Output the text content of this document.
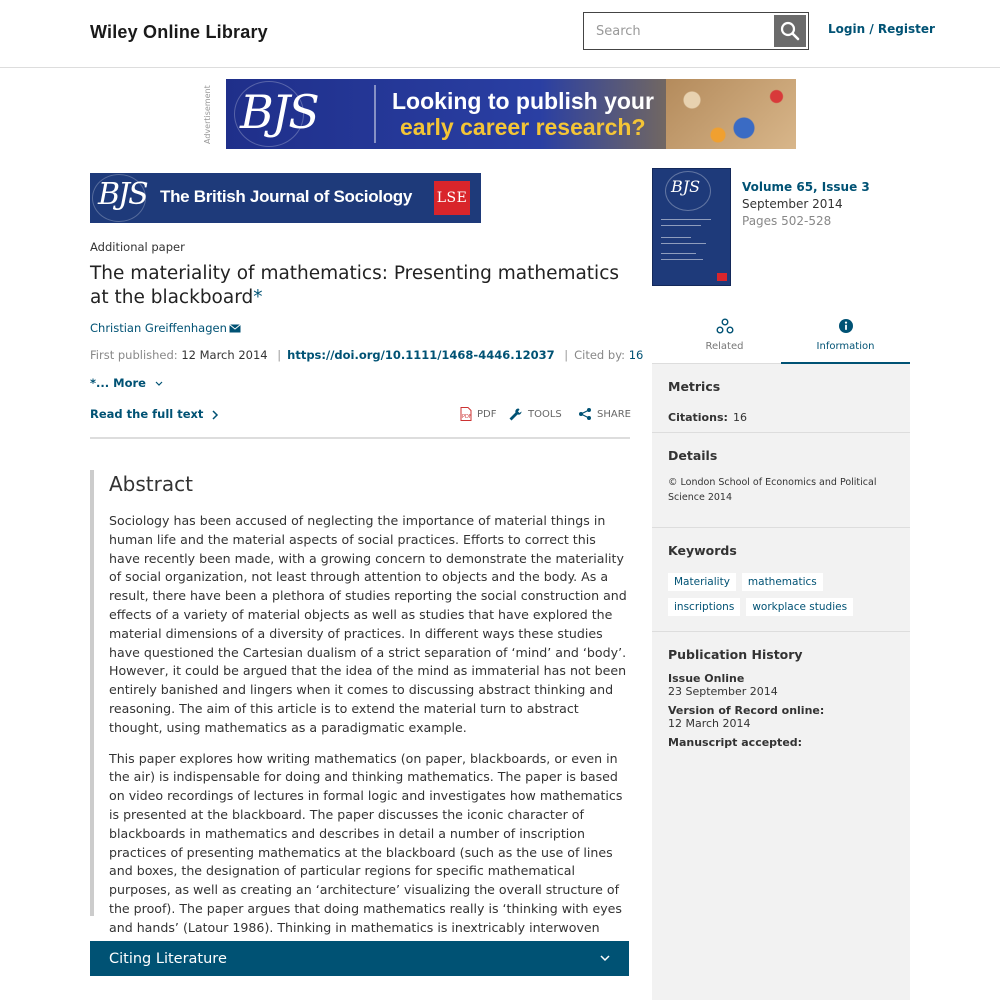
Wiley Online Library
Search	Login / Register
Advertisement BJS	Looking to publish your
early career research?
BJS The British Journal of Sociology LSE
Additional paper
The materiality of mathematics: Presenting mathematics at the blackboard*
Christian Greiffenhagen
First published: 12 March 2014 | https://doi.org/10.1111/1468-4446.12037 | Cited by: 16
*... More
Read the full text	PDF PDF	TOOLS	SHARE
Abstract

Sociology has been accused of neglecting the importance of material things in human life and the material aspects of social practices. Efforts to correct this have recently been made, with a growing concern to demonstrate the materiality of social organization, not least through attention to objects and the body. As a result, there have been a plethora of studies reporting the social construction and effects of a variety of material objects as well as studies that have explored the material dimensions of a diversity of practices. In different ways these studies have questioned the Cartesian dualism of a strict separation of ‘mind’ and ‘body’. However, it could be argued that the idea of the mind as immaterial has not been entirely banished and lingers when it comes to discussing abstract thinking and reasoning. The aim of this article is to extend the material turn to abstract thought, using mathematics as a paradigmatic example.

This paper explores how writing mathematics (on paper, blackboards, or even in the air) is indispensable for doing and thinking mathematics. The paper is based on video recordings of lectures in formal logic and investigates how mathematics is presented at the blackboard. The paper discusses the iconic character of blackboards in mathematics and describes in detail a number of inscription practices of presenting mathematics at the blackboard (such as the use of lines and boxes, the designation of particular regions for specific mathematical purposes, as well as creating an ‘architecture’ visualizing the overall structure of the proof). The paper argues that doing mathematics really is ‘thinking with eyes and hands’ (Latour 1986). Thinking in mathematics is inextricably interwoven

Citing Literature
BJS	Volume 65, Issue 3
September 2014
Pages 502-528
Related	Information
Metrics
Citations: 16
Details
© London School of Economics and Political Science 2014
Keywords
Materiality mathematicsinscriptions workplace studies
Publication History
Issue Online
23 September 2014
Version of Record online:
12 March 2014
Manuscript accepted:
